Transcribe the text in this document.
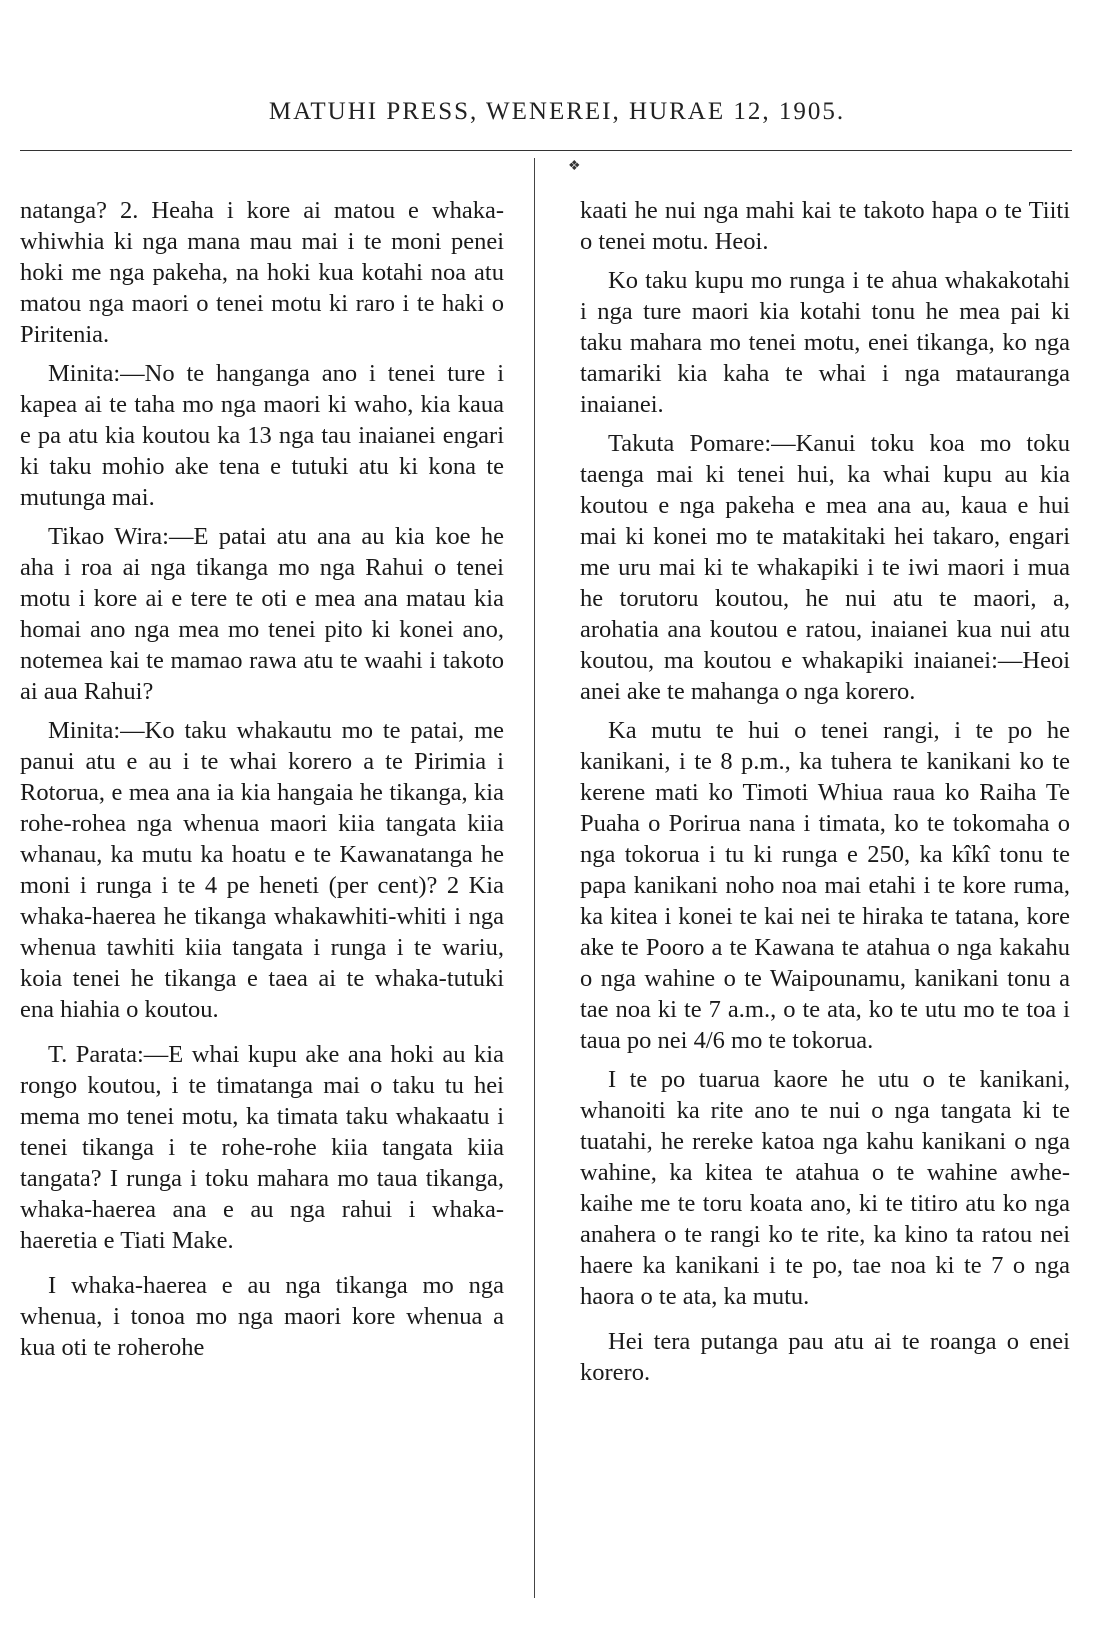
MATUHI PRESS, WENEREI, HURAE 12, 1905.
❖

natanga? 2. Heaha i kore ai matou e whaka-whiwhia ki nga mana mau mai i te moni penei hoki me nga pakeha, na hoki kua kotahi noa atu matou nga maori o tenei motu ki raro i te haki o Piritenia.

Minita:—No te hanganga ano i tenei ture i kapea ai te taha mo nga maori ki waho, kia kaua e pa atu kia koutou ka 13 nga tau inaianei engari ki taku mohio ake tena e tutuki atu ki kona te mutunga mai.

Tikao Wira:—E patai atu ana au kia koe he aha i roa ai nga tikanga mo nga Rahui o tenei motu i kore ai e tere te oti e mea ana matau kia homai ano nga mea mo tenei pito ki konei ano, notemea kai te mamao rawa atu te waahi i takoto ai aua Rahui?

Minita:—Ko taku whakautu mo te patai, me panui atu e au i te whai korero a te Pirimia i Rotorua, e mea ana ia kia hangaia he tikanga, kia rohe-rohea nga whenua maori kiia tangata kiia whanau, ka mutu ka hoatu e te Kawanatanga he moni i runga i te 4 pe heneti (per cent)? 2 Kia whaka-haerea he tikanga whakawhiti-whiti i nga whenua tawhiti kiia tangata i runga i te wariu, koia tenei he tikanga e taea ai te whaka-tutuki ena hiahia o koutou.

T. Parata:—E whai kupu ake ana hoki au kia rongo koutou, i te timatanga mai o taku tu hei mema mo tenei motu, ka timata taku whakaatu i tenei tikanga i te rohe-rohe kiia tangata kiia tangata? I runga i toku mahara mo taua tikanga, whaka-haerea ana e au nga rahui i whaka-haeretia e Tiati Make.

I whaka-haerea e au nga tikanga mo nga whenua, i tonoa mo nga maori kore whenua a kua oti te roherohe

kaati he nui nga mahi kai te takoto hapa o te Tiiti o tenei motu. Heoi.

Ko taku kupu mo runga i te ahua whakakotahi i nga ture maori kia kotahi tonu he mea pai ki taku mahara mo tenei motu, enei tikanga, ko nga tamariki kia kaha te whai i nga matauranga inaianei.

Takuta Pomare:—Kanui toku koa mo toku taenga mai ki tenei hui, ka whai kupu au kia koutou e nga pakeha e mea ana au, kaua e hui mai ki konei mo te matakitaki hei takaro, engari me uru mai ki te whakapiki i te iwi maori i mua he torutoru koutou, he nui atu te maori, a, arohatia ana koutou e ratou, inaianei kua nui atu koutou, ma koutou e whakapiki inaianei:—Heoi anei ake te mahanga o nga korero.

Ka mutu te hui o tenei rangi, i te po he kanikani, i te 8 p.m., ka tuhera te kanikani ko te kerene mati ko Timoti Whiua raua ko Raiha Te Puaha o Porirua nana i timata, ko te tokomaha o nga tokorua i tu ki runga e 250, ka kîkî tonu te papa kanikani noho noa mai etahi i te kore ruma, ka kitea i konei te kai nei te hiraka te tatana, kore ake te Pooro a te Kawana te atahua o nga kakahu o nga wahine o te Waipounamu, kanikani tonu a tae noa ki te 7 a.m., o te ata, ko te utu mo te toa i taua po nei 4/6 mo te tokorua.

I te po tuarua kaore he utu o te kanikani, whanoiti ka rite ano te nui o nga tangata ki te tuatahi, he rereke katoa nga kahu kanikani o nga wahine, ka kitea te atahua o te wahine awhe-kaihe me te toru koata ano, ki te titiro atu ko nga anahera o te rangi ko te rite, ka kino ta ratou nei haere ka kanikani i te po, tae noa ki te 7 o nga haora o te ata, ka mutu.

Hei tera putanga pau atu ai te roanga o enei korero.
